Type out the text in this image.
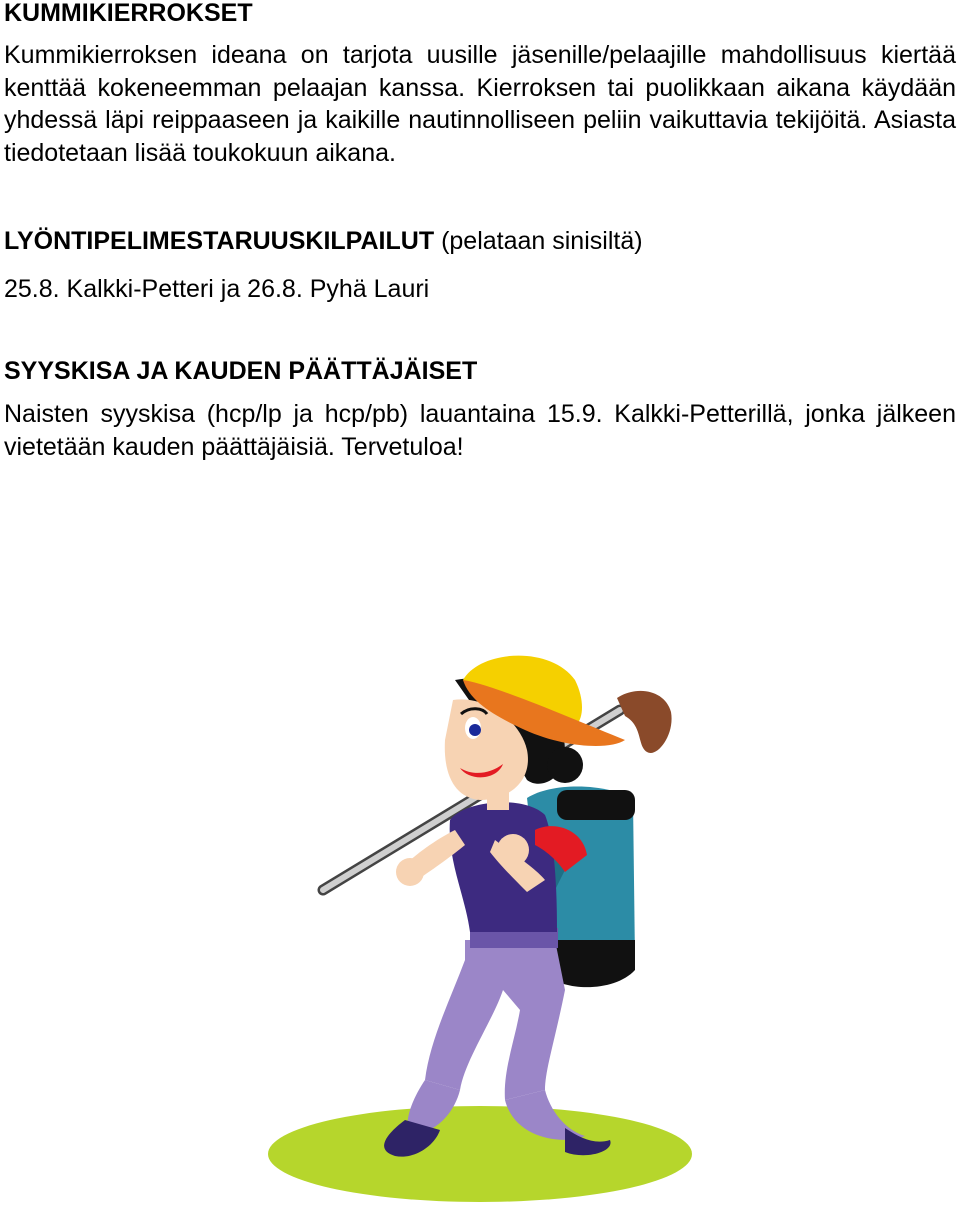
KUMMIKIERROKSET

Kummikierroksen ideana on tarjota uusille jäsenille/pelaajille mahdollisuus kiertää kenttää kokeneemman pelaajan kanssa. Kierroksen tai puolikkaan aikana käydään yhdessä läpi reippaaseen ja kaikille nautinnolliseen peliin vaikuttavia tekijöitä. Asiasta tiedotetaan lisää toukokuun aikana.

LYÖNTIPELIMESTARUUSKILPAILUT (pelataan sinisiltä)

25.8. Kalkki-Petteri ja 26.8. Pyhä Lauri

SYYSKISA JA KAUDEN PÄÄTTÄJÄISET

Naisten syyskisa (hcp/lp ja hcp/pb) lauantaina 15.9. Kalkki-Petterillä, jonka jälkeen vietetään kauden päättäjäisiä. Tervetuloa!
